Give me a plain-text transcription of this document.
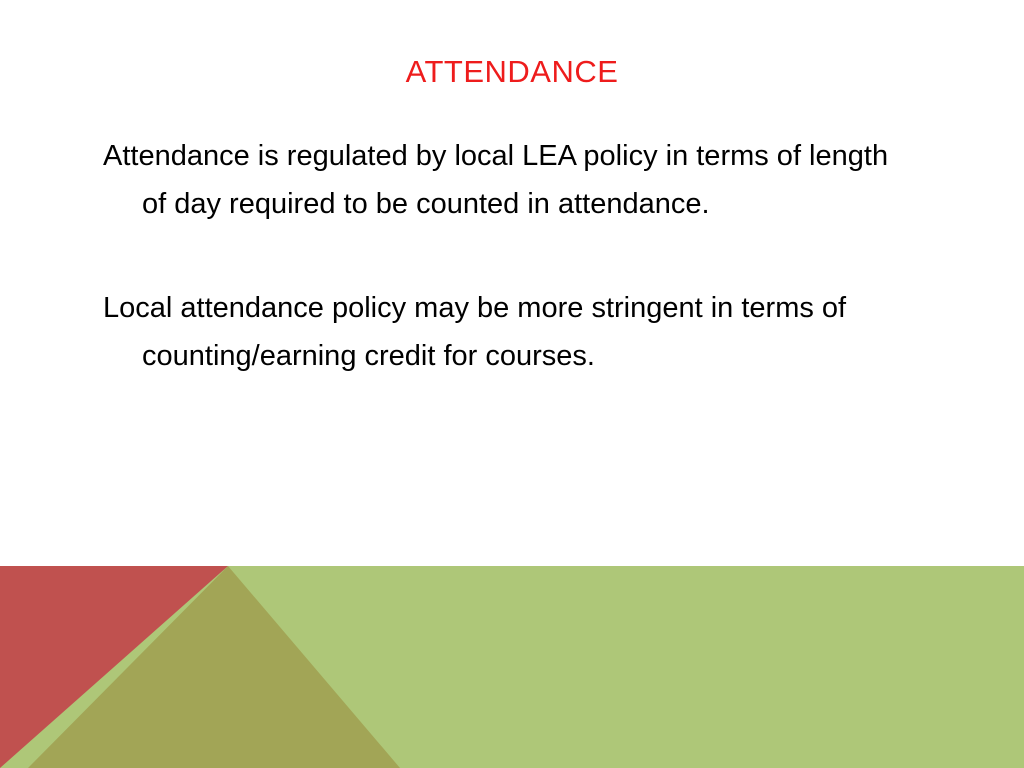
ATTENDANCE

Attendance is regulated by local LEA policy in terms of length of day required to be counted in attendance.

Local attendance policy may be more stringent in terms of counting/earning credit for courses.
